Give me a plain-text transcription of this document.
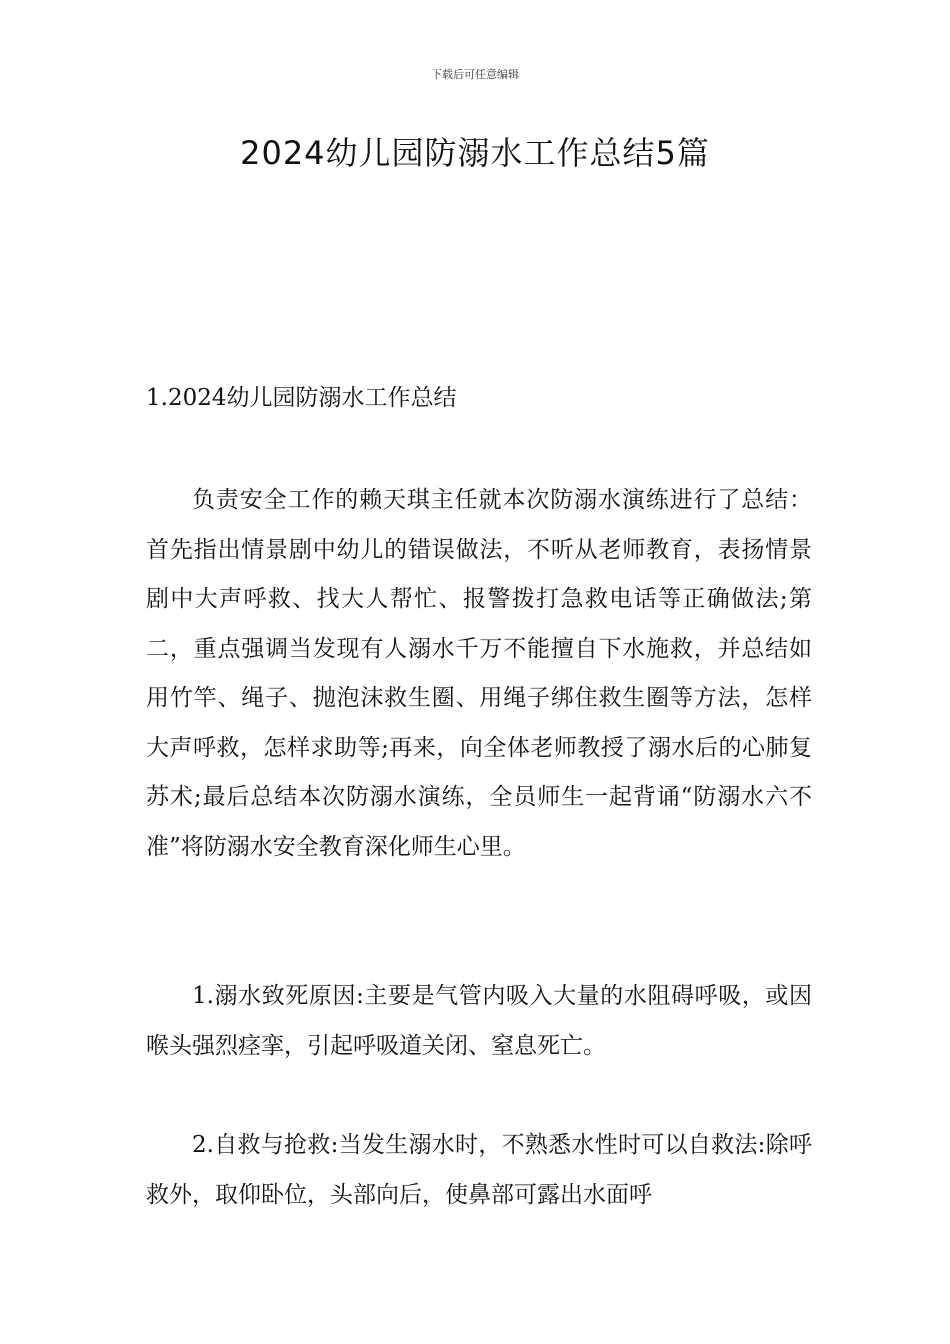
下载后可任意编辑
2024幼儿园防溺水工作总结5篇
1.2024幼儿园防溺水工作总结

负责安全工作的赖天琪主任就本次防溺水演练进行了总结：首先指出情景剧中幼儿的错误做法，不听从老师教育，表扬情景剧中大声呼救、找大人帮忙、报警拨打急救电话等正确做法;第二，重点强调当发现有人溺水千万不能擅自下水施救，并总结如用竹竿、绳子、抛泡沫救生圈、用绳子绑住救生圈等方法，怎样大声呼救，怎样求助等;再来，向全体老师教授了溺水后的心肺复苏术;最后总结本次防溺水演练，全员师生一起背诵“防溺水六不准”将防溺水安全教育深化师生心里。

1.溺水致死原因:主要是气管内吸入大量的水阻碍呼吸，或因喉头强烈痉挛，引起呼吸道关闭、窒息死亡。

2.自救与抢救:当发生溺水时，不熟悉水性时可以自救法:除呼救外，取仰卧位，头部向后，使鼻部可露出水面呼
